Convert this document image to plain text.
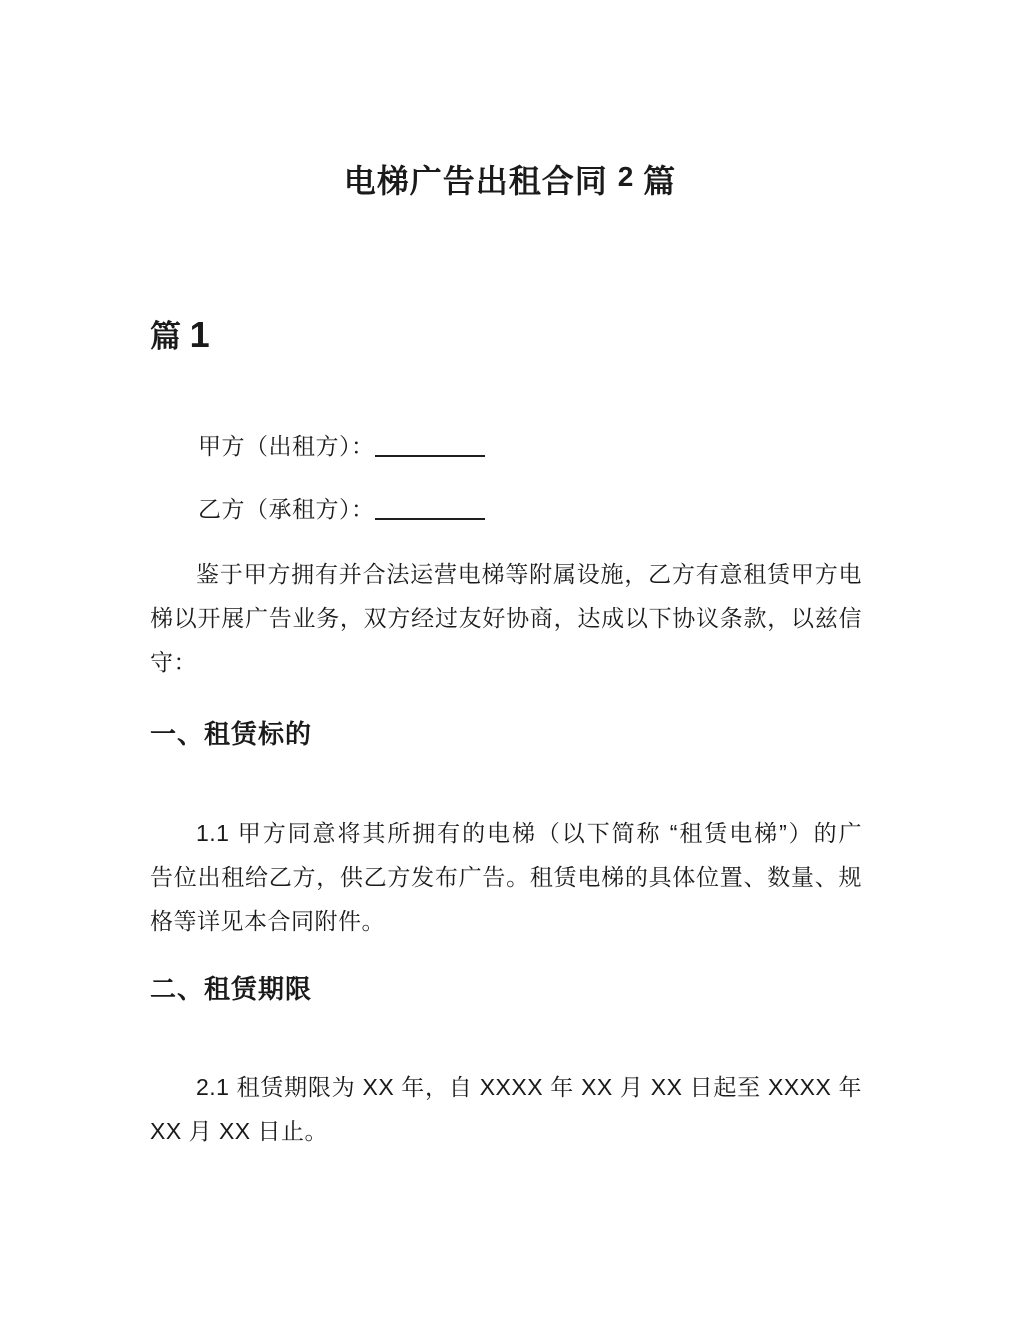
电梯广告出租合同 2 篇
篇 1
甲方（出租方）：
乙方（承租方）：
鉴于甲方拥有并合法运营电梯等附属设施，乙方有意租赁甲方电
梯以开展广告业务，双方经过友好协商，达成以下协议条款，以兹信
守：
一、租赁标的
1.1 甲方同意将其所拥有的电梯（以下简称 “租赁电梯”）的广
告位出租给乙方，供乙方发布广告。租赁电梯的具体位置、数量、规
格等详见本合同附件。
二、租赁期限
2.1 租赁期限为 XX 年，自 XXXX 年 XX 月 XX 日起至 XXXX 年
XX 月 XX 日止。
